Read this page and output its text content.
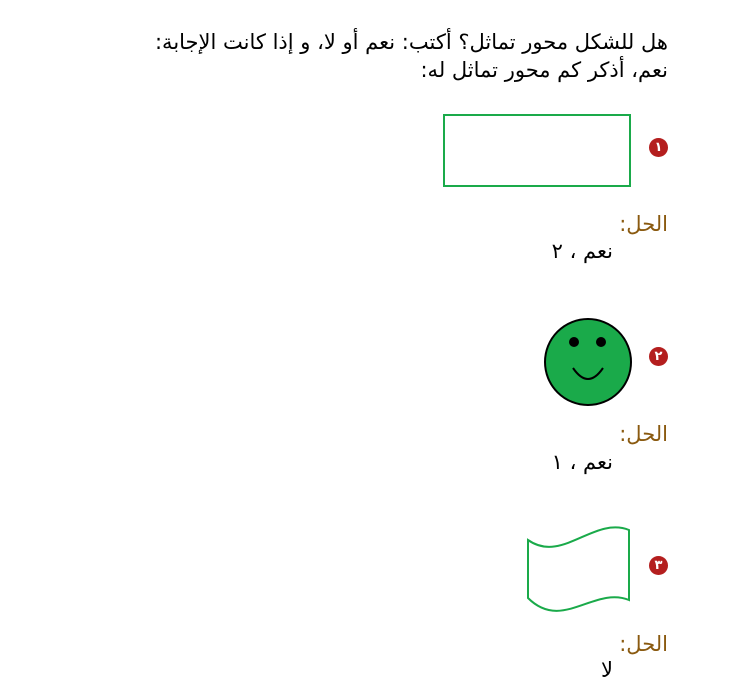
هل للشكل محور تماثل؟ أكتب: نعم أو لا، و إذا كانت الإجابة:
نعم، أذكر كم محور تماثل له:
١
الحل:
نعم ، ٢
٢
الحل:
نعم ، ١
٣
الحل:
لا
